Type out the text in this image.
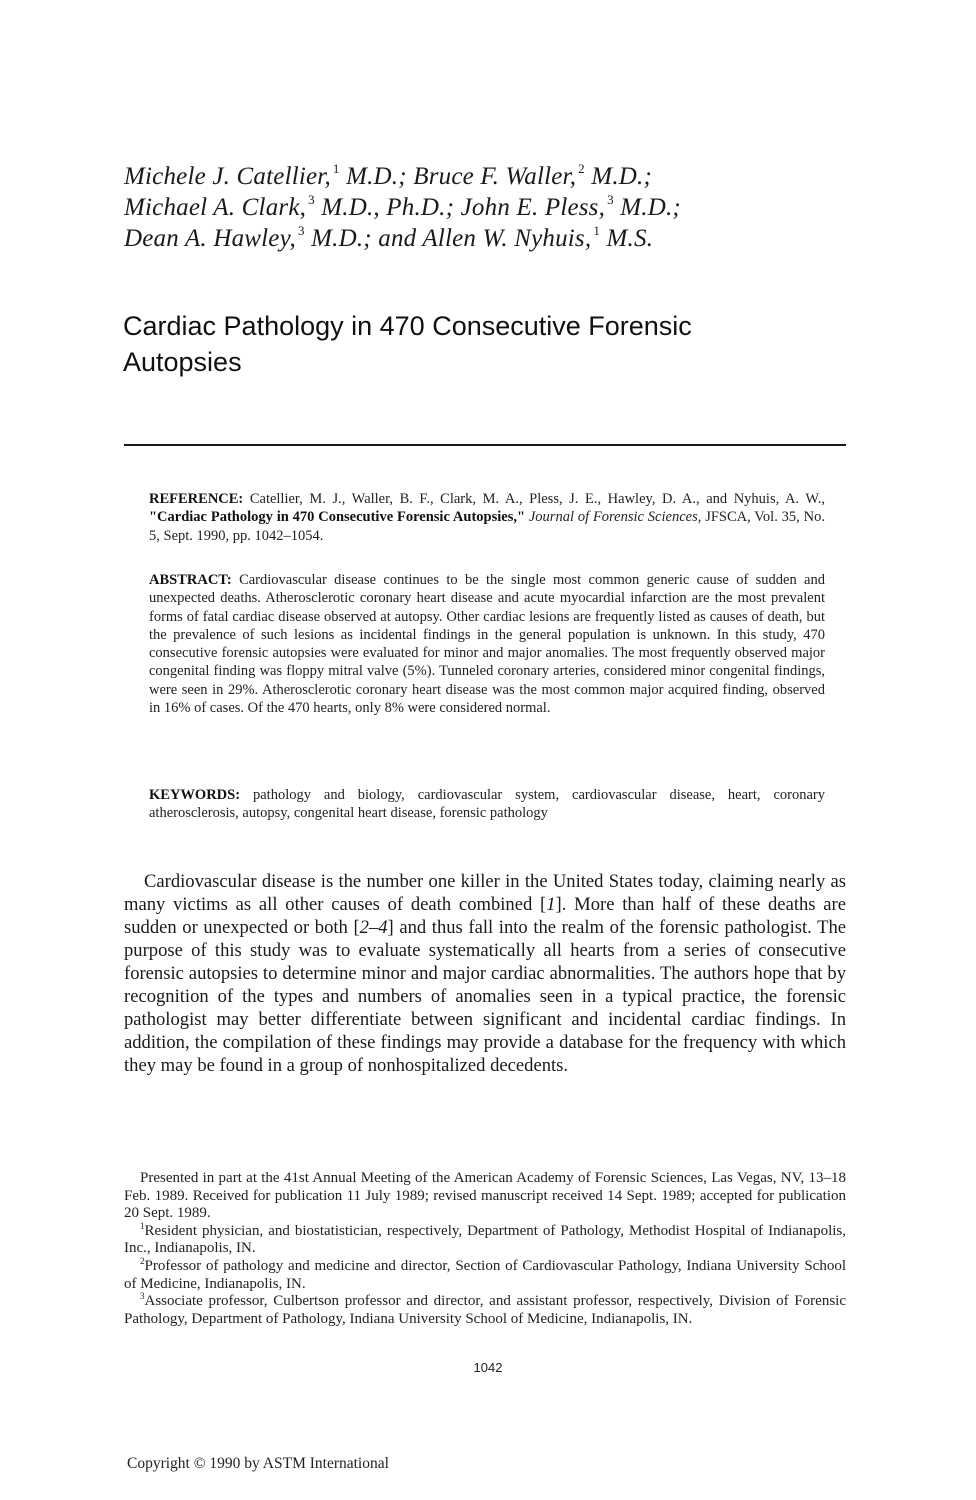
Michele J. Catellier, $^1$ M.D.; Bruce F. Waller, $^2$ M.D.;
Michael A. Clark, $^3$ M.D., Ph.D.; John E. Pless, $^3$ M.D.;
Dean A. Hawley, $^3$ M.D.; and Allen W. Nyhuis, $^1$ M.S.
Cardiac Pathology in 470 Consecutive Forensic
Autopsies
REFERENCE: Catellier, M. J., Waller, B. F., Clark, M. A., Pless, J. E., Hawley, D. A., and Nyhuis, A. W., "Cardiac Pathology in 470 Consecutive Forensic Autopsies," Journal of Forensic Sciences, JFSCA, Vol. 35, No. 5, Sept. 1990, pp. 1042–1054.
ABSTRACT: Cardiovascular disease continues to be the single most common generic cause of sudden and unexpected deaths. Atherosclerotic coronary heart disease and acute myocardial infarction are the most prevalent forms of fatal cardiac disease observed at autopsy. Other cardiac lesions are frequently listed as causes of death, but the prevalence of such lesions as incidental findings in the general population is unknown. In this study, 470 consecutive forensic autopsies were evaluated for minor and major anomalies. The most frequently observed major congenital finding was floppy mitral valve (5%). Tunneled coronary arteries, considered minor congenital findings, were seen in 29%. Atherosclerotic coronary heart disease was the most common major acquired finding, observed in 16% of cases. Of the 470 hearts, only 8% were considered normal.
KEYWORDS: pathology and biology, cardiovascular system, cardiovascular disease, heart, coronary atherosclerosis, autopsy, congenital heart disease, forensic pathology
Cardiovascular disease is the number one killer in the United States today, claiming nearly as many victims as all other causes of death combined [1]. More than half of these deaths are sudden or unexpected or both [2–4] and thus fall into the realm of the forensic pathologist. The purpose of this study was to evaluate systematically all hearts from a series of consecutive forensic autopsies to determine minor and major cardiac abnormalities. The authors hope that by recognition of the types and numbers of anomalies seen in a typical practice, the forensic pathologist may better differentiate between significant and incidental cardiac findings. In addition, the compilation of these findings may provide a database for the frequency with which they may be found in a group of nonhospitalized decedents.

Presented in part at the 41st Annual Meeting of the American Academy of Forensic Sciences, Las Vegas, NV, 13–18 Feb. 1989. Received for publication 11 July 1989; revised manuscript received 14 Sept. 1989; accepted for publication 20 Sept. 1989.

$^1$Resident physician, and biostatistician, respectively, Department of Pathology, Methodist Hospital of Indianapolis, Inc., Indianapolis, IN.

$^2$Professor of pathology and medicine and director, Section of Cardiovascular Pathology, Indiana University School of Medicine, Indianapolis, IN.

$^3$Associate professor, Culbertson professor and director, and assistant professor, respectively, Division of Forensic Pathology, Department of Pathology, Indiana University School of Medicine, Indianapolis, IN.

1042
Copyright © 1990 by ASTM International
